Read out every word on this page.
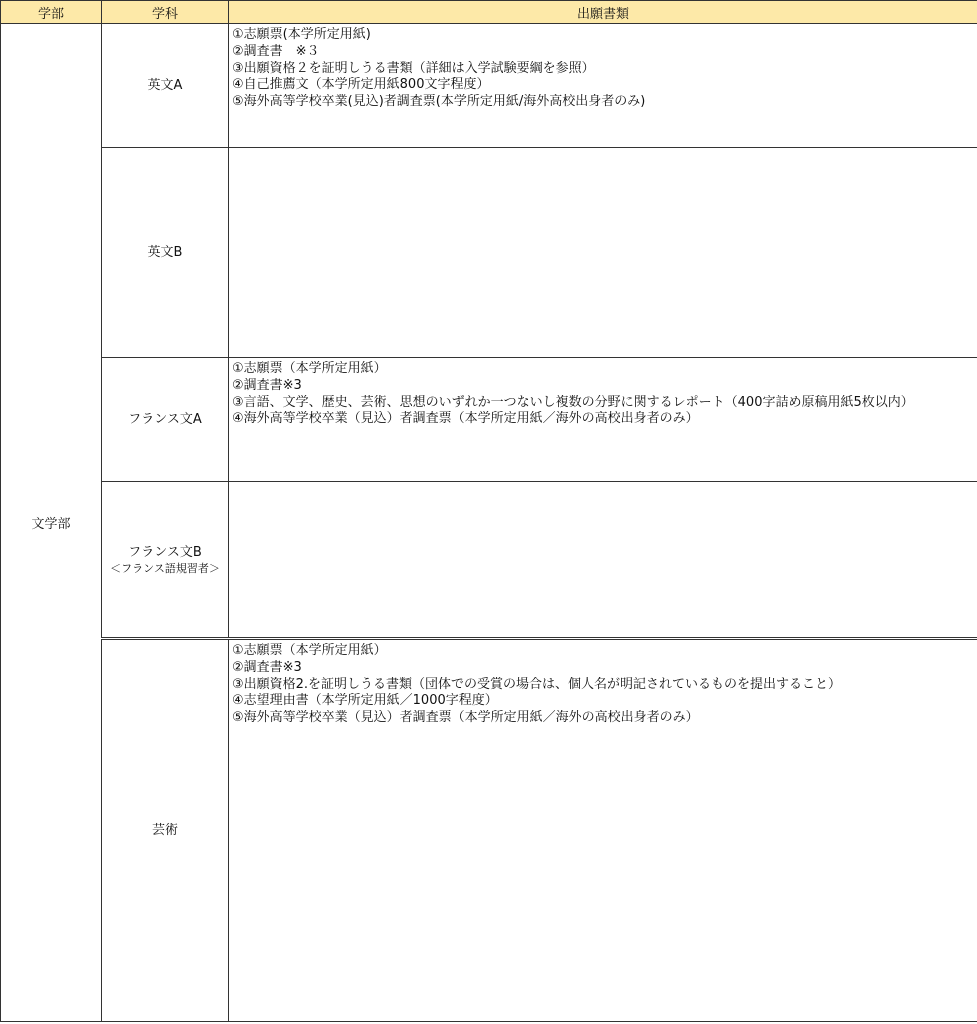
学部	学科	出願書類
文学部	英文A	①志願票(本学所定用紙)
②調査書　※３
③出願資格２を証明しうる書類（詳細は入学試験要綱を参照）
④自己推薦文（本学所定用紙800文字程度）
⑤海外高等学校卒業(見込)者調査票(本学所定用紙/海外高校出身者のみ)

	英文B	
	フランス文A	①志願票（本学所定用紙）
②調査書※3
③言語、文学、歴史、芸術、思想のいずれか一つないし複数の分野に関するレポート（400字詰め原稿用紙5枚以内）
④海外高等学校卒業（見込）者調査票（本学所定用紙／海外の高校出身者のみ）

	フランス文B
＜フランス語規習者＞	

	芸術	①志願票（本学所定用紙）
②調査書※3
③出願資格2.を証明しうる書類（団体での受賞の場合は、個人名が明記されているものを提出すること）
④志望理由書（本学所定用紙／1000字程度）
⑤海外高等学校卒業（見込）者調査票（本学所定用紙／海外の高校出身者のみ）
